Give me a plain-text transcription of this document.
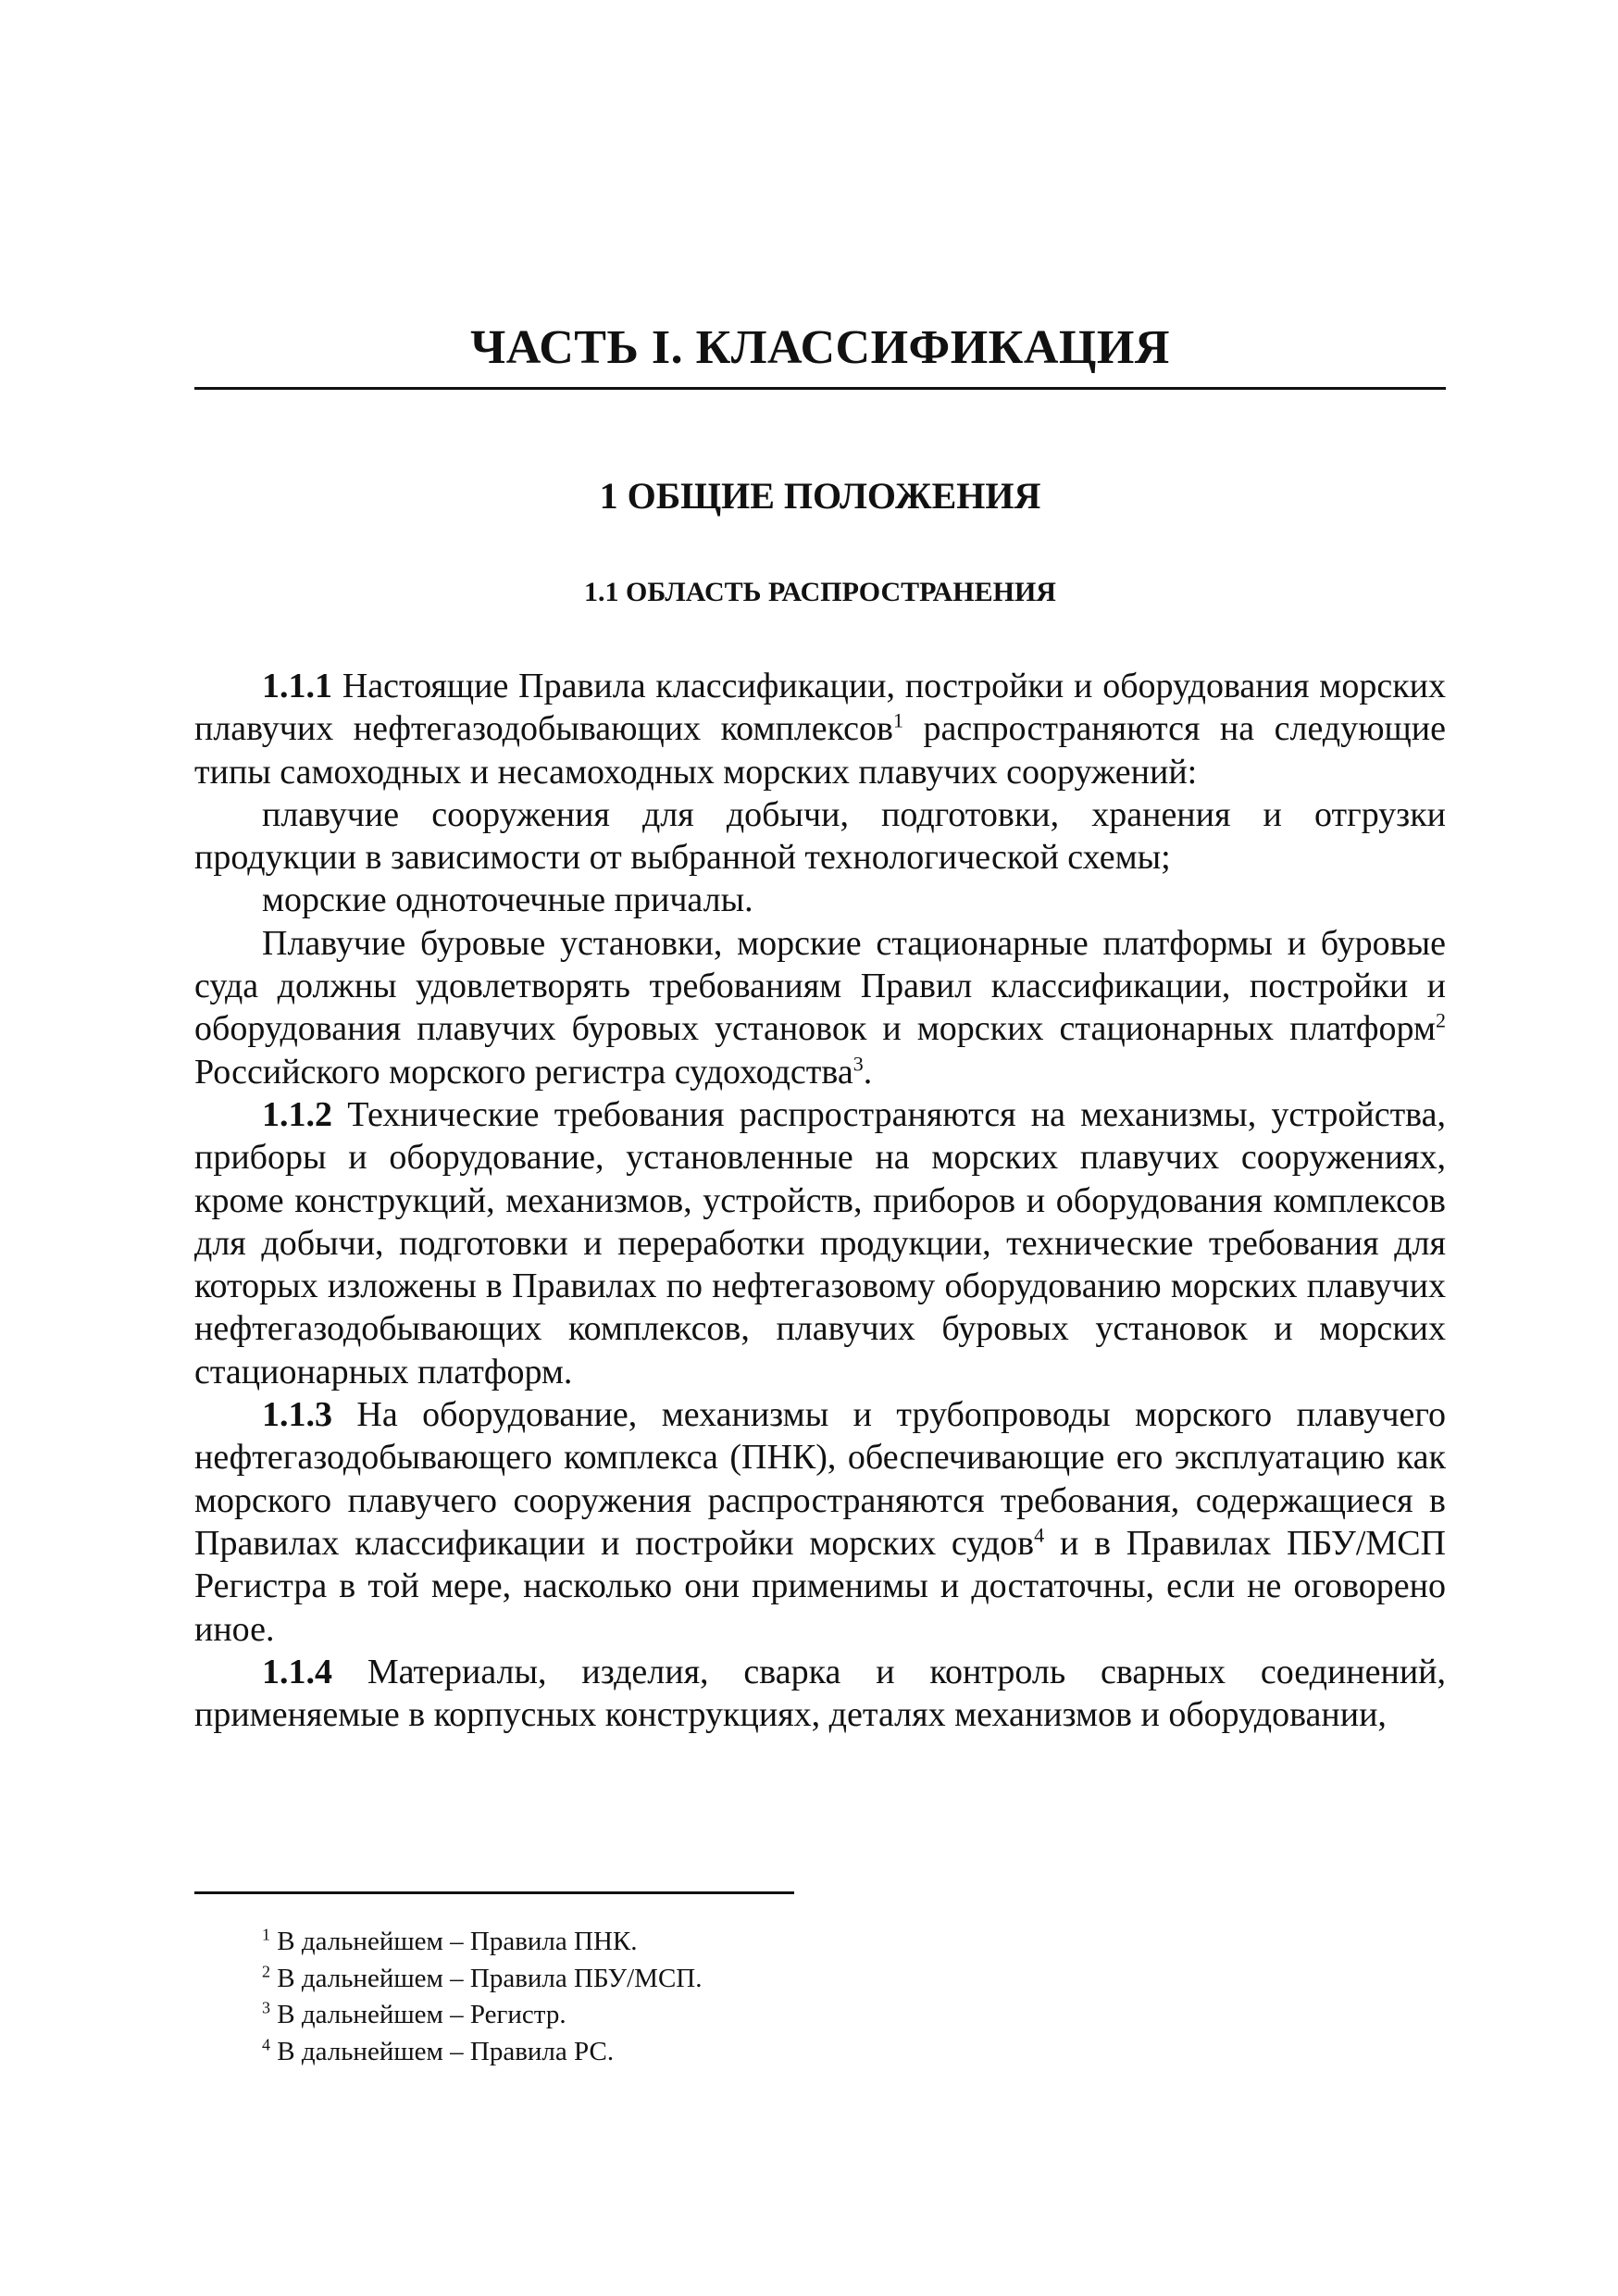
ЧАСТЬ I. КЛАССИФИКАЦИЯ
1 ОБЩИЕ ПОЛОЖЕНИЯ
1.1 ОБЛАСТЬ РАСПРОСТРАНЕНИЯ

1.1.1 Настоящие Правила классификации, постройки и оборудования морских плавучих нефтегазодобывающих комплексов$^1$ распространяются на следующие типы самоходных и несамоходных морских плавучих сооружений:

плавучие сооружения для добычи, подготовки, хранения и отгрузки продукции в зависимости от выбранной технологической схемы;

морские одноточечные причалы.

Плавучие буровые установки, морские стационарные платформы и буровые суда должны удовлетворять требованиям Правил классификации, постройки и оборудования плавучих буровых установок и морских стационарных платформ$^2$ Российского морского регистра судоходства$^3$.

1.1.2 Технические требования распространяются на механизмы, устройства, приборы и оборудование, установленные на морских плавучих сооружениях, кроме конструкций, механизмов, устройств, приборов и оборудования комплексов для добычи, подготовки и переработки продукции, технические требования для которых изложены в Правилах по нефтегазовому оборудованию морских плавучих нефтегазодобывающих комплексов, плавучих буровых установок и морских стационарных платформ.

1.1.3 На оборудование, механизмы и трубопроводы морского плавучего нефтегазодобывающего комплекса (ПНК), обеспечивающие его эксплуатацию как морского плавучего сооружения распространяются требования, содержащиеся в Правилах классификации и постройки морских судов$^4$ и в Правилах ПБУ/МСП Регистра в той мере, насколько они применимы и достаточны, если не оговорено иное.

1.1.4 Материалы, изделия, сварка и контроль сварных соединений, применяемые в корпусных конструкциях, деталях механизмов и оборудовании,

$^1$ В дальнейшем – Правила ПНК.
$^2$ В дальнейшем – Правила ПБУ/МСП.
$^3$ В дальнейшем – Регистр.
$^4$ В дальнейшем – Правила РС.
